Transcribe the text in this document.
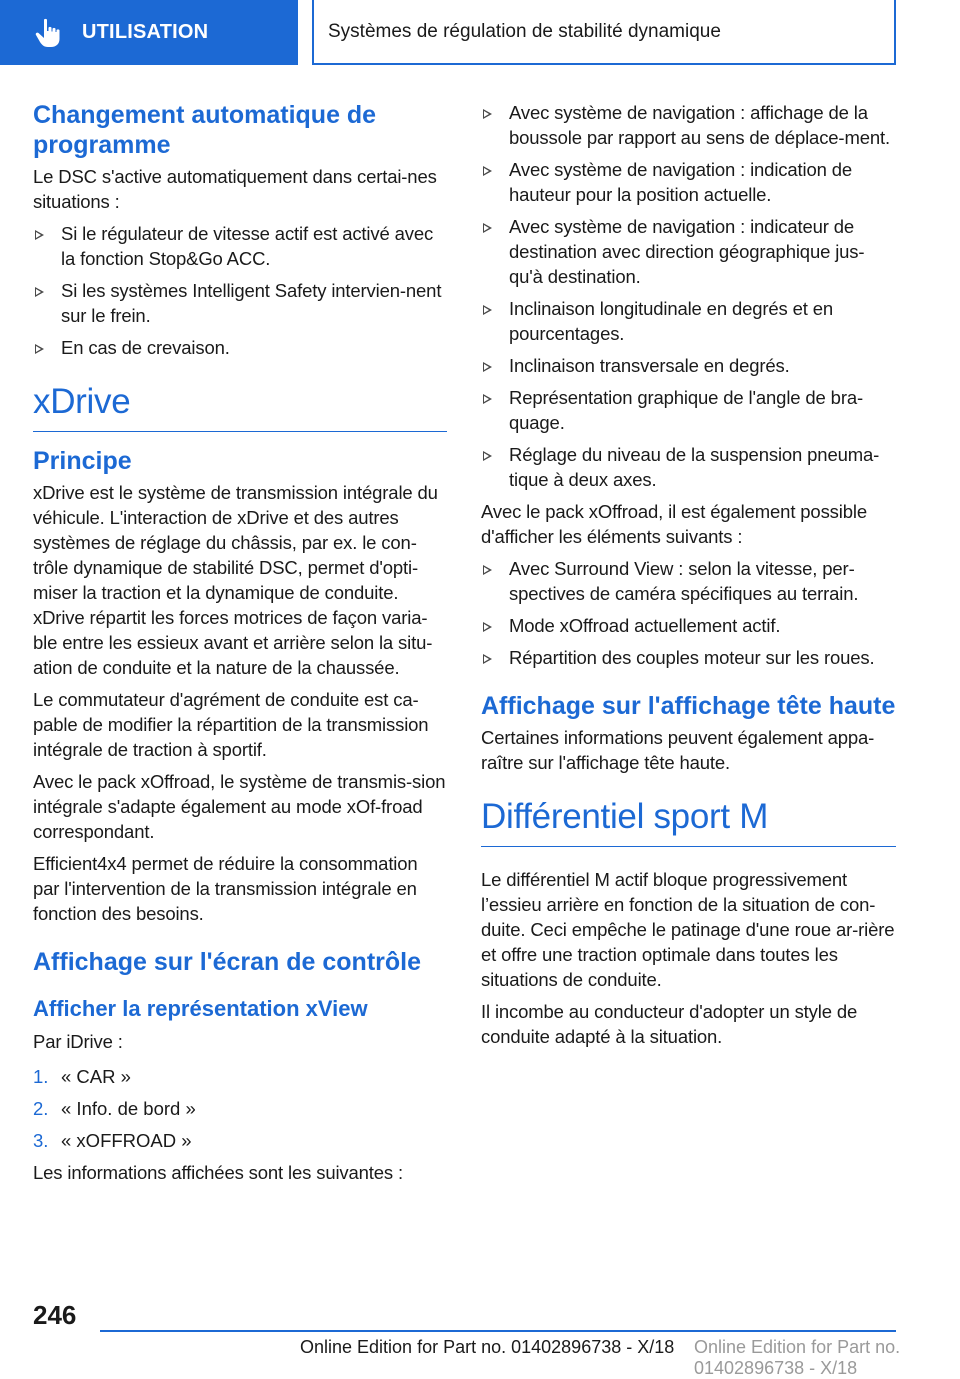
UTILISATION	Systèmes de régulation de stabilité dynamique
Changement automatique de programme

Le DSC s'active automatiquement dans certai-nes situations :

Si le régulateur de vitesse actif est activé avec la fonction Stop&Go ACC.
Si les systèmes Intelligent Safety intervien-nent sur le frein.
En cas de crevaison.
xDrive
Principe

xDrive est le système de transmission intégrale du véhicule. L'interaction de xDrive et des autres systèmes de réglage du châssis, par ex. le con-trôle dynamique de stabilité DSC, permet d'opti-miser la traction et la dynamique de conduite.

xDrive répartit les forces motrices de façon varia-ble entre les essieux avant et arrière selon la situ-ation de conduite et la nature de la chaussée.

Le commutateur d'agrément de conduite est ca-pable de modifier la répartition de la transmission intégrale de traction à sportif.

Avec le pack xOffroad, le système de transmis-sion intégrale s'adapte également au mode xOf-froad correspondant.

Efficient4x4 permet de réduire la consommation par l'intervention de la transmission intégrale en fonction des besoins.

Affichage sur l'écran de contrôle
Afficher la représentation xView

Par iDrive :

1. « CAR »
2. « Info. de bord »
3. « xOFFROAD »

Les informations affichées sont les suivantes :

Avec système de navigation : affichage de la boussole par rapport au sens de déplace-ment.
Avec système de navigation : indication de hauteur pour la position actuelle.
Avec système de navigation : indicateur de destination avec direction géographique jus-qu'à destination.
Inclinaison longitudinale en degrés et en pourcentages.
Inclinaison transversale en degrés.
Représentation graphique de l'angle de bra-quage.
Réglage du niveau de la suspension pneuma-tique à deux axes.

Avec le pack xOffroad, il est également possible d'afficher les éléments suivants :

Avec Surround View : selon la vitesse, per-spectives de caméra spécifiques au terrain.
Mode xOffroad actuellement actif.
Répartition des couples moteur sur les roues.
Affichage sur l'affichage tête haute

Certaines informations peuvent également appa-raître sur l'affichage tête haute.

Différentiel sport M

Le différentiel M actif bloque progressivement l’essieu arrière en fonction de la situation de con-duite. Ceci empêche le patinage d'une roue ar-rière et offre une traction optimale dans toutes les situations de conduite.

Il incombe au conducteur d'adopter un style de conduite adapté à la situation.

246
Online Edition for Part no. 01402896738 - X/18 Online Edition for Part no. 01402896738 - X/18
